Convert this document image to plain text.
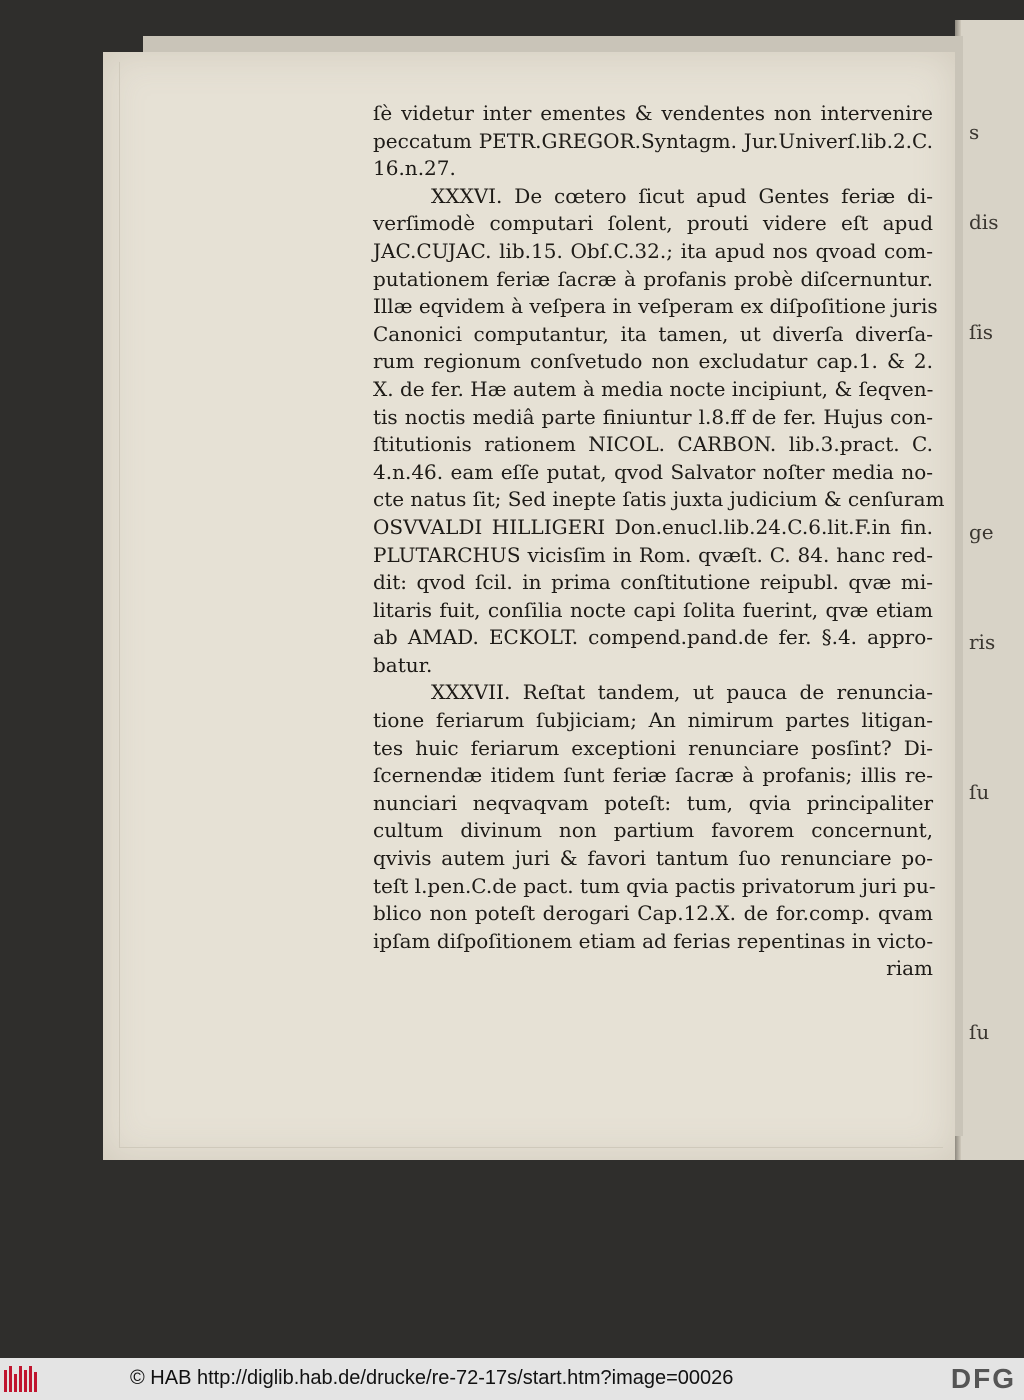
s
dis
ſis
ge
ris
ſu
ſu
ſè videtur inter ementes & vendentes non intervenire
peccatum PETR.GREGOR.Syntagm. Jur.Univerſ.lib.2.C.
16.n.27.
XXXVI. De cœtero ſicut apud Gentes feriæ di-
verſimodè computari ſolent, prouti videre eſt apud
JAC.CUJAC. lib.15. Obſ.C.32.; ita apud nos qvoad com-
putationem feriæ ſacræ à profanis probè diſcernuntur.
Illæ eqvidem à veſpera in veſperam ex diſpoſitione juris
Canonici computantur, ita tamen, ut diverſa diverſa-
rum regionum conſvetudo non excludatur cap.1. & 2.
X. de fer. Hæ autem à media nocte incipiunt, & ſeqven-
tis noctis mediâ parte finiuntur l.8.ff de fer. Hujus con-
ſtitutionis rationem NICOL. CARBON. lib.3.pract. C.
4.n.46. eam eſſe putat, qvod Salvator noſter media no-
cte natus ſit; Sed inepte ſatis juxta judicium & cenſuram
OSVVALDI HILLIGERI Don.enucl.lib.24.C.6.lit.F.in fin.
PLUTARCHUS vicisſim in Rom. qvæſt. C. 84. hanc red-
dit: qvod ſcil. in prima conſtitutione reipubl. qvæ mi-
litaris fuit, conſilia nocte capi ſolita fuerint, qvæ etiam
ab AMAD. ECKOLT. compend.pand.de fer. §.4. appro-
batur.
XXXVII. Reſtat tandem, ut pauca de renuncia-
tione feriarum ſubjiciam; An nimirum partes litigan-
tes huic feriarum exceptioni renunciare posſint? Di-
ſcernendæ itidem ſunt feriæ ſacræ à profanis; illis re-
nunciari neqvaqvam poteſt: tum, qvia principaliter
cultum divinum non partium favorem concernunt,
qvivis autem juri & favori tantum ſuo renunciare po-
teſt l.pen.C.de pact. tum qvia pactis privatorum juri pu-
blico non poteſt derogari Cap.12.X. de for.comp. qvam
ipſam diſpoſitionem etiam ad ferias repentinas in victo-
riam
© HAB http://diglib.hab.de/drucke/re-72-17s/start.htm?image=00026	DFG
